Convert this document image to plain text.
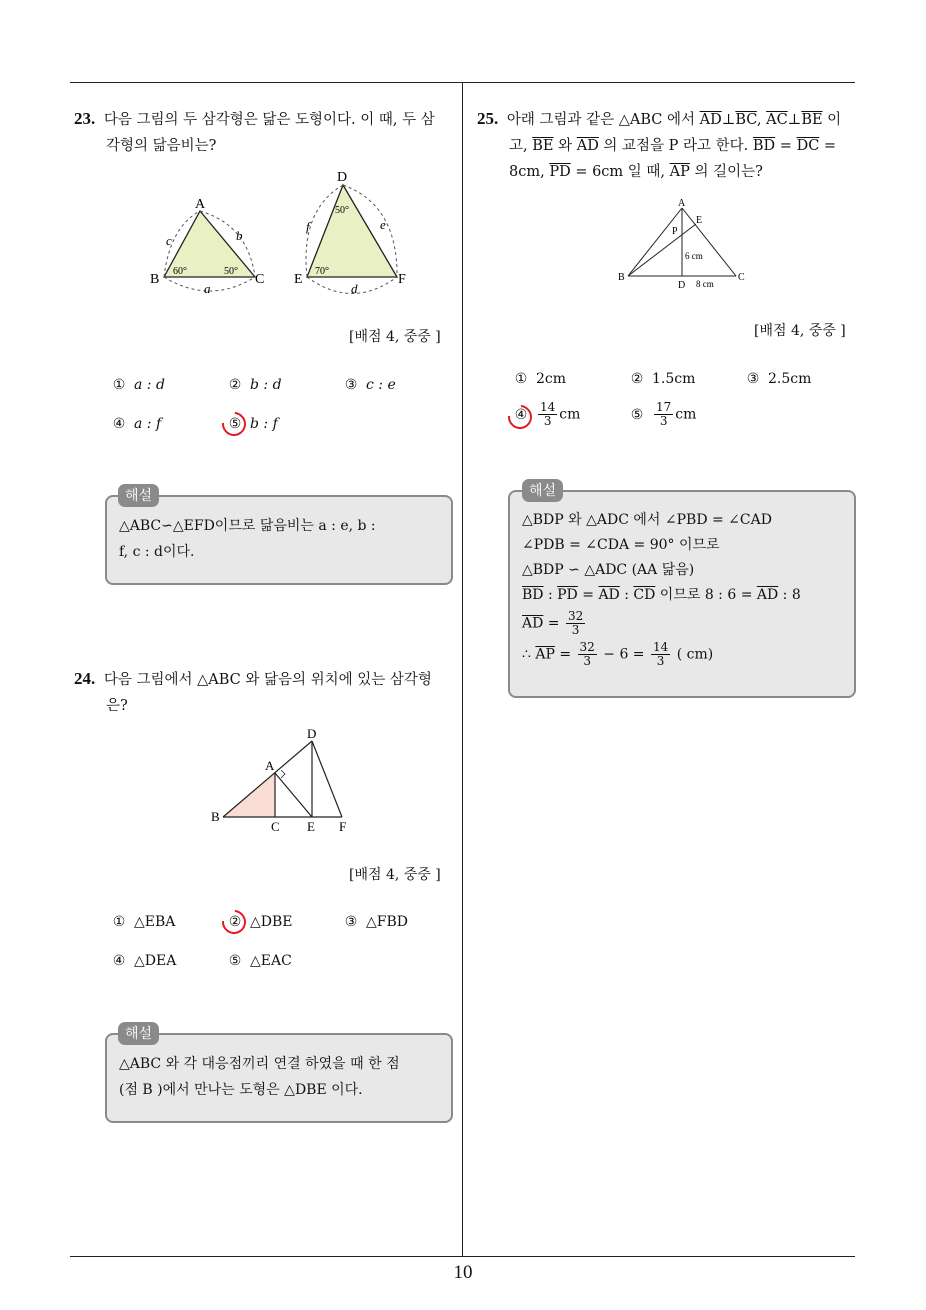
23. 다음 그림의 두 삼각형은 닮은 도형이다. 이 때, 두 삼
각형의 닮음비는?
A
B	C
c	b
a
60°	50°
D
E	F
f	e
d
50°
70°
[배점 4, 중중 ]
① a : d	② b : d	③ c : e
④ a : f	⑤ b : f
△ABC∽△EFD이므로 닮음비는 a : e, b :
f, c : d이다.
해설
24. 다음 그림에서 △ABC 와 닮음의 위치에 있는 삼각형
은?
D
A
B
C E F
[배점 4, 중중 ]
① △EBA	② △DBE	③ △FBD
④ △DEA	⑤ △EAC
△ABC 와 각 대응점끼리 연결 하였을 때 한 점
(점 B )에서 만나는 도형은 △DBE 이다.
해설
25. 아래 그림과 같은 △ABC 에서 $\overline{AD}\perp\overline{BC}$, $\overline{AC}\perp\overline{BE}$ 이
고, $\overline{BE}$ 와 $\overline{AD}$ 의 교점을 P 라고 한다. $\overline{BD} = \overline{DC}$ =
8cm, $\overline{PD} = 6cm$ 일 때, $\overline{AP}$ 의 길이는?
A
E
P
B	C
D
6 cm
8 cm
[배점 4, 중중 ]
① 2cm	② 1.5cm	③ 2.5cm
④ $\frac{14}{3}$ cm	⑤ $\frac{17}{3}$ cm
△BDP 와 △ADC 에서 ∠PBD = ∠CAD
∠PDB = ∠CDA = 90° 이므로
△BDP ∽ △ADC (AA 닮음)
$\overline{BD}$ : $\overline{PD} = \overline{AD}$ : $\overline{CD}$ 이므로 8 : $6 = \overline{AD}$ : 8
$\overline{AD} = \frac{32}{3}$
∴ $\overline{AP} = \frac{32}{3} - 6 = \frac{14}{3}$ ( cm)
해설
10
